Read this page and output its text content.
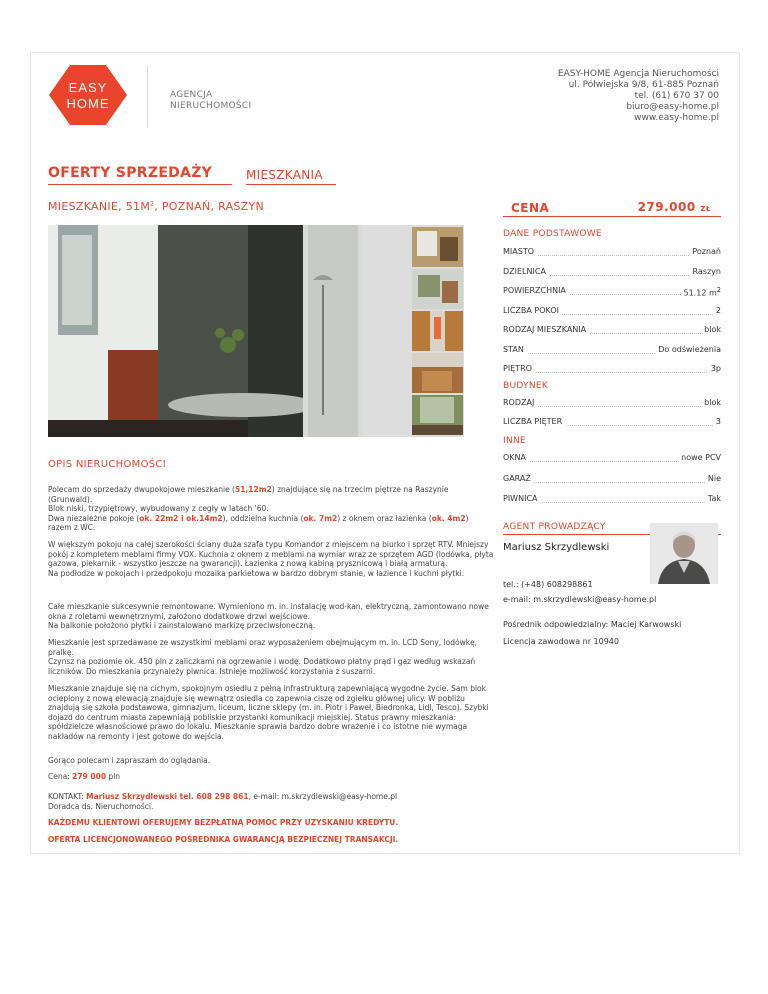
EASY
HOME
AGENCJA
NIERUCHOMOŚCI
EASY-HOME Agencja Nieruchomości
ul. Półwiejska 9/8, 61-885 Poznań
tel. (61) 670 37 00
biuro@easy-home.pl
www.easy-home.pl
OFERTY SPRZEDAŻY	MIESZKANIA
MIESZKANIE, $51M^2$, POZNAŃ, RASZYN	CENA	279.000 ZŁ
DANE PODSTAWOWE
MIASTO	Poznań
DZIELNICA	Raszyn
POWIERZCHNIA	51.12 $m^2$
LICZBA POKOI	2
RODZAJ MIESZKANIA	blok
STAN	Do odświeżenia
PIĘTRO	3p
BUDYNEK
RODZAJ	blok
LICZBA PIĘTER	3
INNE
OKNA	nowe PCV
GARAŻ	Nie
PIWNICA	Tak
AGENT PROWADZĄCY
Mariusz Skrzydlewski
tel.: (+48) 608298861
e-mail: m.skrzydlewski@easy-home.pl
Pośrednik odpowiedzialny: Maciej Karwowski
Licencja zawodowa nr 10940
OPIS NIERUCHOMOŚCI
Polecam do sprzedaży dwupokojowe mieszkanie (51,12m2) znajdujące się na trzecim piętrze na Raszynie (Grunwald).
Blok niski, trzypiętrowy, wybudowany z cegły w latach '60.
Dwa niezależne pokoje (ok. 22m2 i ok.14m2), oddzielna kuchnia (ok. 7m2) z oknem oraz łazienka (ok. 4m2) razem z WC.
W większym pokoju na całej szerokości ściany duża szafa typu Komandor z miejscem na biurko i sprzęt RTV. Mniejszy pokój z kompletem meblami firmy VOX. Kuchnia z oknem z meblami na wymiar wraz ze sprzętem AGD (lodówka, płyta gazowa, piekarnik - wszystko jeszcze na gwarancji). Łazienka z nową kabiną prysznicową i białą armaturą.
Na podłodze w pokojach i przedpokoju mozaika parkietowa w bardzo dobrym stanie, w łazience i kuchni płytki.
Całe mieszkanie sukcesywnie remontowane. Wymieniono m. in. instalację wod-kan, elektryczną, zamontowano nowe okna z roletami wewnętrznymi, założono dodatkowe drzwi wejściowe.
Na balkonie położono płytki i zainstalowano markizę przeciwsłoneczną.
Mieszkanie jest sprzedawane ze wszystkimi meblami oraz wyposażeniem obejmującym m. in. LCD Sony, lodówkę, pralkę.
Czynsz na poziomie ok. 450 pln z zaliczkami na ogrzewanie i wodę. Dodatkowo płatny prąd i gaz według wskazań liczników. Do mieszkania przynależy piwnica. Istnieje możliwość korzystania z suszarni.
Mieszkanie znajduje się na cichym, spokojnym osiedlu z pełną infrastrukturą zapewniającą wygodne życie. Sam blok ocieplony z nową elewacją znajduje się wewnątrz osiedla co zapewnia ciszę od zgiełku głównej ulicy. W pobliżu znajdują się szkoła podstawowa, gimnazjum, liceum, liczne sklepy (m. in. Piotr i Paweł, Biedronka, Lidl, Tesco). Szybki dojazd do centrum miasta zapewniają pobliskie przystanki komunikacji miejskiej. Status prawny mieszkania: spółdzielcze własnościowe prawo do lokalu. Mieszkanie sprawia bardzo dobre wrażenie i co istotne nie wymaga nakładów na remonty i jest gotowe do wejścia.
Gorąco polecam i zapraszam do oglądania.
Cena: 279 000 pln
KONTAKT: Mariusz Skrzydlewski tel. 608 298 861, e-mail: m.skrzydlewski@easy-home.pl
Doradca ds. Nieruchomości.
KAŻDEMU KLIENTOWI OFERUJEMY BEZPŁATNĄ POMOC PRZY UZYSKANIU KREDYTU.
OFERTA LICENCJONOWANEGO POŚREDNIKA GWARANCJĄ BEZPIECZNEJ TRANSAKCJI.
